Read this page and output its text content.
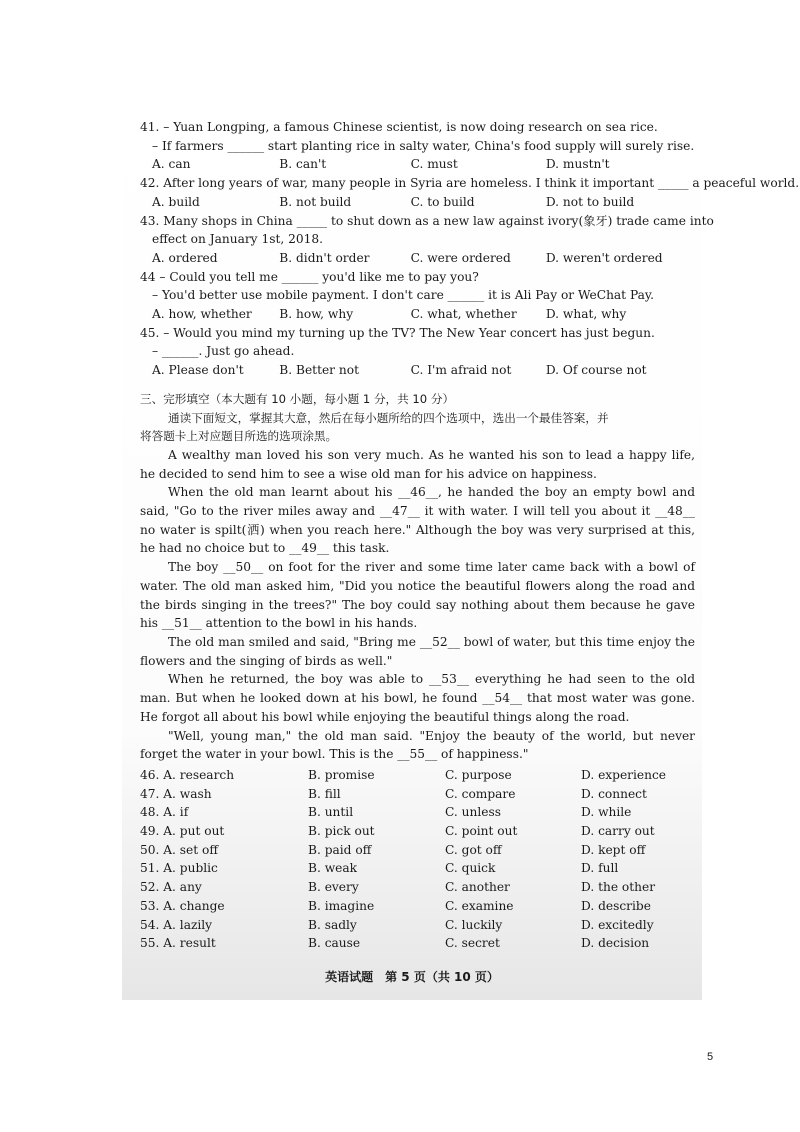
41. – Yuan Longping, a famous Chinese scientist, is now doing research on sea rice.
– If farmers ______ start planting rice in salty water, China's food supply will surely rise.
A. can	B. can't	C. must	D. mustn't
42. After long years of war, many people in Syria are homeless. I think it important _____ a peaceful world.
A. build	B. not build	C. to build	D. not to build
43. Many shops in China _____ to shut down as a new law against ivory(象牙) trade came into
effect on January 1st, 2018.
A. ordered	B. didn't order	C. were ordered	D. weren't ordered
44 – Could you tell me ______ you'd like me to pay you?
– You'd better use mobile payment. I don't care ______ it is Ali Pay or WeChat Pay.
A. how, whether	B. how, why	C. what, whether	D. what, why
45. – Would you mind my turning up the TV? The New Year concert has just begun.
– ______. Just go ahead.
A. Please don't	B. Better not	C. I'm afraid not	D. Of course not
三、完形填空（本大题有 10 小题，每小题 1 分，共 10 分）
通读下面短文，掌握其大意，然后在每小题所给的四个选项中，选出一个最佳答案，并
将答题卡上对应题目所选的选项涂黑。
A wealthy man loved his son very much. As he wanted his son to lead a happy life, he decided to send him to see a wise old man for his advice on happiness.
When the old man learnt about his __46__, he handed the boy an empty bowl and said, "Go to the river miles away and __47__ it with water. I will tell you about it __48__ no water is spilt(洒) when you reach here." Although the boy was very surprised at this, he had no choice but to __49__ this task.
The boy __50__ on foot for the river and some time later came back with a bowl of water. The old man asked him, "Did you notice the beautiful flowers along the road and the birds singing in the trees?" The boy could say nothing about them because he gave his __51__ attention to the bowl in his hands.
The old man smiled and said, "Bring me __52__ bowl of water, but this time enjoy the flowers and the singing of birds as well."
When he returned, the boy was able to __53__ everything he had seen to the old man. But when he looked down at his bowl, he found __54__ that most water was gone. He forgot all about his bowl while enjoying the beautiful things along the road.
"Well, young man," the old man said. "Enjoy the beauty of the world, but never forget the water in your bowl. This is the __55__ of happiness."
46. A. research	B. promise	C. purpose	D. experience
47. A. wash	B. fill	C. compare	D. connect
48. A. if	B. until	C. unless	D. while
49. A. put out	B. pick out	C. point out	D. carry out
50. A. set off	B. paid off	C. got off	D. kept off
51. A. public	B. weak	C. quick	D. full
52. A. any	B. every	C. another	D. the other
53. A. change	B. imagine	C. examine	D. describe
54. A. lazily	B. sadly	C. luckily	D. excitedly
55. A. result	B. cause	C. secret	D. decision
英语试题　第 5 页（共 10 页）
5
